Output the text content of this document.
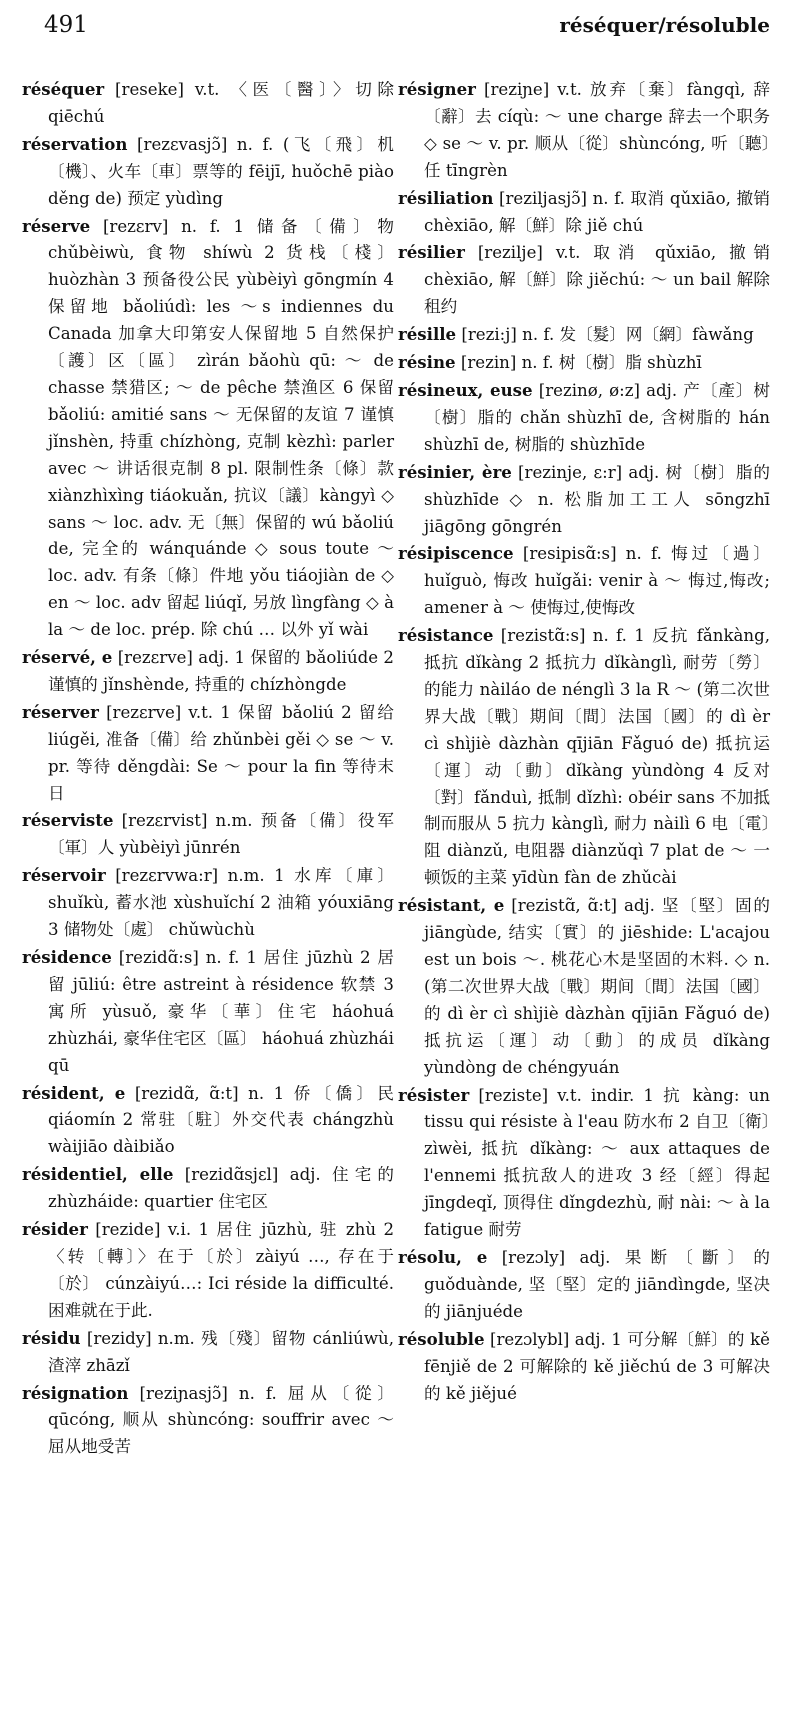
491	réséquer/résoluble

réséquer [reseke] v.t. 〈医〔醫〕〉切除 qiēchú

réservation [rezεvasjɔ̃] n. f. (飞〔飛〕机〔機〕、火车〔車〕票等的 fēijī, huǒchē piào děng de) 预定 yùdìng

réserve [rezεrv] n. f. 1 储备〔備〕物 chǔbèiwù, 食物 shíwù 2 货栈〔棧〕 huòzhàn 3 预备役公民 yùbèiyì gōngmín 4 保留地 bǎoliúdì: les ～s indiennes du Canada 加拿大印第安人保留地 5 自然保护〔護〕区〔區〕 zìrán bǎohù qū: ～ de chasse 禁猎区; ～ de pêche 禁渔区 6 保留 bǎoliú: amitié sans ～ 无保留的友谊 7 谨慎 jǐnshèn, 持重 chízhòng, 克制 kèzhì: parler avec ～ 讲话很克制 8 pl. 限制性条〔條〕款 xiànzhìxìng tiáokuǎn, 抗议〔議〕kàngyì ◇ sans ～ loc. adv. 无〔無〕保留的 wú bǎoliú de, 完全的 wánquánde ◇ sous toute ～ loc. adv. 有条〔條〕件地 yǒu tiáojiàn de ◇ en ～ loc. adv 留起 liúqǐ, 另放 lìngfàng ◇ à la ～ de loc. prép. 除 chú … 以外 yǐ wài

réservé, e [rezεrve] adj. 1 保留的 bǎoliúde 2 谨慎的 jǐnshènde, 持重的 chízhòngde

réserver [rezεrve] v.t. 1 保留 bǎoliú 2 留给 liúgěi, 准备〔備〕给 zhǔnbèi gěi ◇ se ～ v. pr. 等待 děngdài: Se ～ pour la fin 等待末日

réserviste [rezεrvist] n.m. 预备〔備〕役军〔軍〕人 yùbèiyì jūnrén

réservoir [rezεrvwa:r] n.m. 1 水库〔庫〕 shuǐkù, 蓄水池 xùshuǐchí 2 油箱 yóuxiāng 3 储物处〔處〕 chǔwùchù

résidence [rezidɑ̃:s] n. f. 1 居住 jūzhù 2 居留 jūliú: être astreint à résidence 软禁 3 寓所 yùsuǒ, 豪华〔華〕住宅 háohuá zhùzhái, 豪华住宅区〔區〕 háohuá zhùzhái qū

résident, e [rezidɑ̃, ɑ̃:t] n. 1 侨〔僑〕民 qiáomín 2 常驻〔駐〕外交代表 chángzhù wàijiāo dàibiǎo

résidentiel, elle [rezidɑ̃sjεl] adj. 住宅的 zhùzháide: quartier 住宅区

résider [rezide] v.i. 1 居住 jūzhù, 驻 zhù 2 〈转〔轉〕〉在于〔於〕zàiyú …, 存在于〔於〕 cúnzàiyú…: Ici réside la difficulté. 困难就在于此.

résidu [rezidy] n.m. 残〔殘〕留物 cánliúwù, 渣滓 zhāzǐ

résignation [reziɲasjɔ̃] n. f. 屈从〔從〕qūcóng, 顺从 shùncóng: souffrir avec ～ 屈从地受苦

résigner [reziɲe] v.t. 放弃〔棄〕fàngqì, 辞〔辭〕去 cíqù: ～ une charge 辞去一个职务 ◇ se ～ v. pr. 顺从〔從〕shùncóng, 听〔聽〕任 tīngrèn

résiliation [reziljasjɔ̃] n. f. 取消 qǔxiāo, 撤销 chèxiāo, 解〔鮮〕除 jiě chú

résilier [rezilje] v.t. 取消 qǔxiāo, 撤销 chèxiāo, 解〔鮮〕除 jiěchú: ～ un bail 解除租约

résille [rezi:j] n. f. 发〔髮〕网〔網〕fàwǎng

résine [rezin] n. f. 树〔樹〕脂 shùzhī

résineux, euse [rezinø, ø:z] adj. 产〔產〕树〔樹〕脂的 chǎn shùzhī de, 含树脂的 hán shùzhī de, 树脂的 shùzhīde

résinier, ère [rezinje, ε:r] adj. 树〔樹〕脂的 shùzhīde ◇ n. 松脂加工工人 sōngzhī jiāgōng gōngrén

résipiscence [resipisɑ̃:s] n. f. 悔过〔過〕huǐguò, 悔改 huǐgǎi: venir à ～ 悔过,悔改; amener à ～ 使悔过,使悔改

résistance [rezistɑ̃:s] n. f. 1 反抗 fǎnkàng, 抵抗 dǐkàng 2 抵抗力 dǐkànglì, 耐劳〔勞〕的能力 nàiláo de nénglì 3 la R ～ (第二次世界大战〔戰〕期间〔間〕法国〔國〕的 dì èr cì shìjiè dàzhàn qījiān Fǎguó de) 抵抗运〔運〕动〔動〕dǐkàng yùndòng 4 反对〔對〕fǎnduì, 抵制 dǐzhì: obéir sans 不加抵制而服从 5 抗力 kànglì, 耐力 nàilì 6 电〔電〕阻 diànzǔ, 电阻器 diànzǔqì 7 plat de ～ 一顿饭的主菜 yīdùn fàn de zhǔcài

résistant, e [rezistɑ̃, ɑ̃:t] adj. 坚〔堅〕固的 jiāngùde, 结实〔實〕的 jiēshide: L'acajou est un bois ～. 桃花心木是坚固的木料. ◇ n. (第二次世界大战〔戰〕期间〔間〕法国〔國〕的 dì èr cì shìjiè dàzhàn qījiān Fǎguó de) 抵抗运〔運〕动〔動〕的成员 dǐkàng yùndòng de chéngyuán

résister [reziste] v.t. indir. 1 抗 kàng: un tissu qui résiste à l'eau 防水布 2 自卫〔衛〕zìwèi, 抵抗 dǐkàng: ～ aux attaques de l'ennemi 抵抗敌人的进攻 3 经〔經〕得起 jīngdeqǐ, 顶得住 dǐngdezhù, 耐 nài: ～ à la fatigue 耐劳

résolu, e [rezɔly] adj. 果断〔斷〕的 guǒduànde, 坚〔堅〕定的 jiāndìngde, 坚决的 jiānjuéde

résoluble [rezɔlybl] adj. 1 可分解〔鮮〕的 kě fēnjiě de 2 可解除的 kě jiěchú de 3 可解决的 kě jiějué
